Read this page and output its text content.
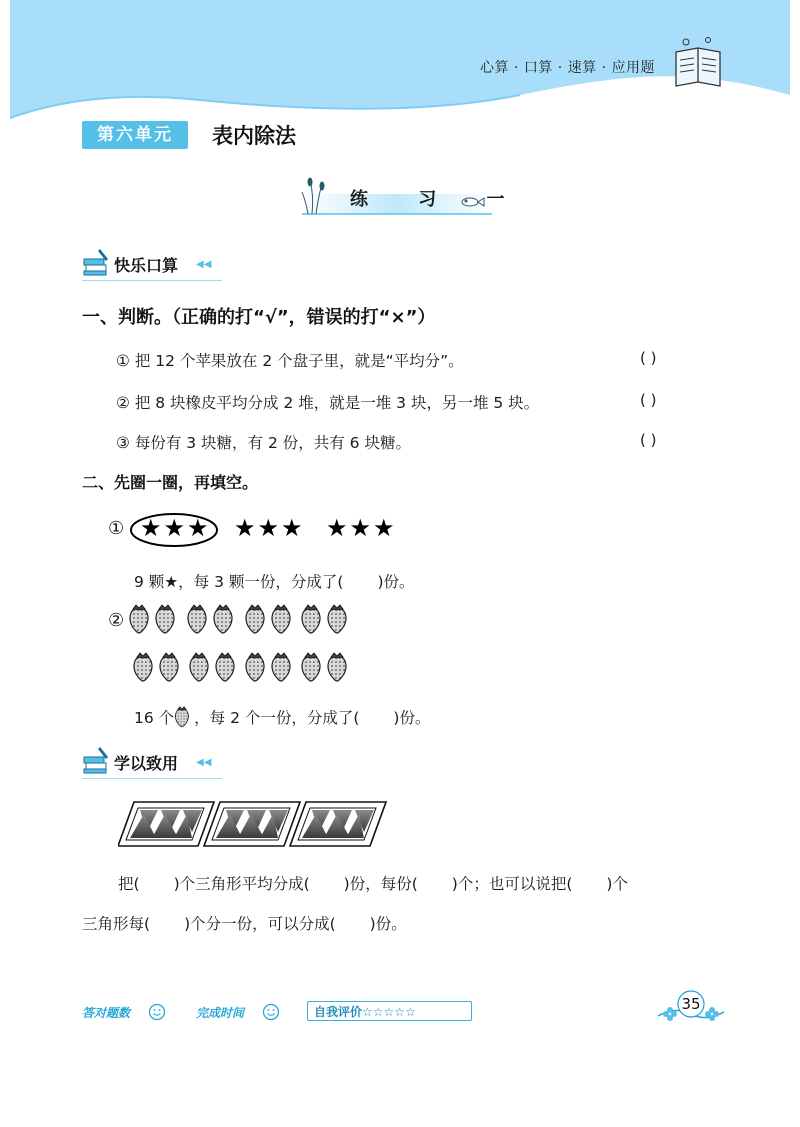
心算 · 口算 · 速算 · 应用题
第六单元	表内除法
练 习 一
快乐口算 ◀◀
一、判断。（正确的打“√”，错误的打“×”）
① 把 12 个苹果放在 2 个盘子里，就是“平均分”。	( )
② 把 8 块橡皮平均分成 2 堆，就是一堆 3 块，另一堆 5 块。	( )
③ 每份有 3 块糖，有 2 份，共有 6 块糖。	( )
二、先圈一圈，再填空。
① ★★★ ★★★ ★★★
9 颗★，每 3 颗一份，分成了( )份。
②
16 个 ，每 2 个一份，分成了( )份。
学以致用 ◀◀
把( )个三角形平均分成( )份，每份( )个；也可以说把( )个
三角形每( )个分一份，可以分成( )份。
答对题数	完成时间	自我评价☆☆☆☆☆	35
